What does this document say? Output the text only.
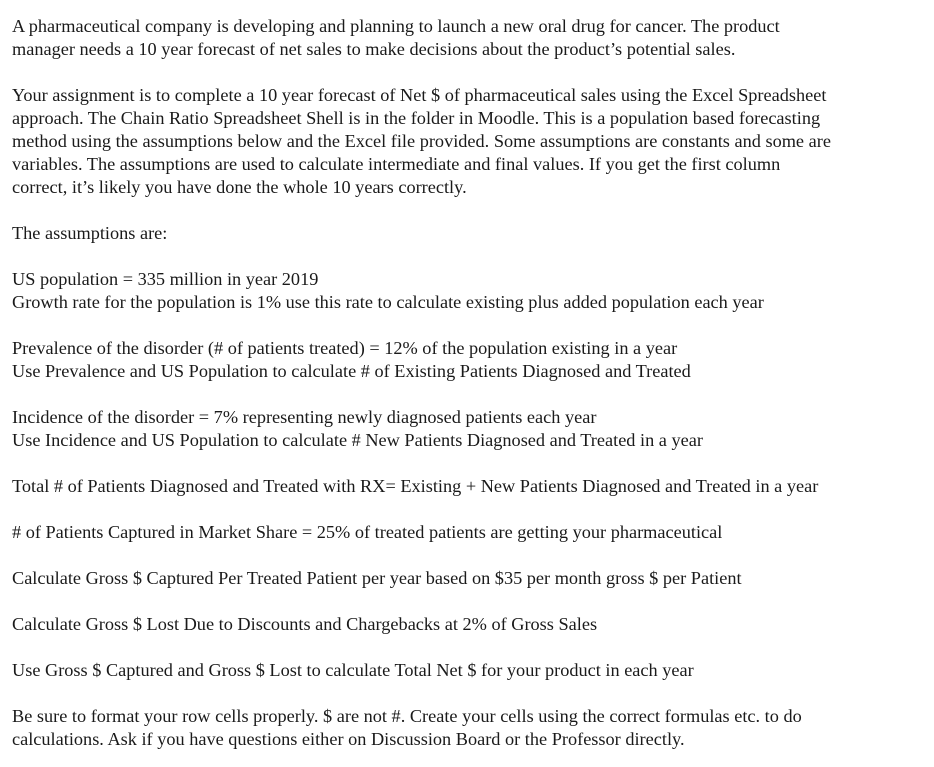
A pharmaceutical company is developing and planning to launch a new oral drug for cancer. The product
manager needs a 10 year forecast of net sales to make decisions about the product’s potential sales.

Your assignment is to complete a 10 year forecast of Net $ of pharmaceutical sales using the Excel Spreadsheet
approach. The Chain Ratio Spreadsheet Shell is in the folder in Moodle. This is a population based forecasting
method using the assumptions below and the Excel file provided. Some assumptions are constants and some are
variables. The assumptions are used to calculate intermediate and final values. If you get the first column
correct, it’s likely you have done the whole 10 years correctly.

The assumptions are:

US population = 335 million in year 2019
Growth rate for the population is 1% use this rate to calculate existing plus added population each year

Prevalence of the disorder (# of patients treated) = 12% of the population existing in a year
Use Prevalence and US Population to calculate # of Existing Patients Diagnosed and Treated

Incidence of the disorder = 7% representing newly diagnosed patients each year
Use Incidence and US Population to calculate # New Patients Diagnosed and Treated in a year

Total # of Patients Diagnosed and Treated with RX= Existing + New Patients Diagnosed and Treated in a year

# of Patients Captured in Market Share = 25% of treated patients are getting your pharmaceutical

Calculate Gross $ Captured Per Treated Patient per year based on $35 per month gross $ per Patient

Calculate Gross $ Lost Due to Discounts and Chargebacks at 2% of Gross Sales

Use Gross $ Captured and Gross $ Lost to calculate Total Net $ for your product in each year

Be sure to format your row cells properly. $ are not #. Create your cells using the correct formulas etc. to do
calculations. Ask if you have questions either on Discussion Board or the Professor directly.
